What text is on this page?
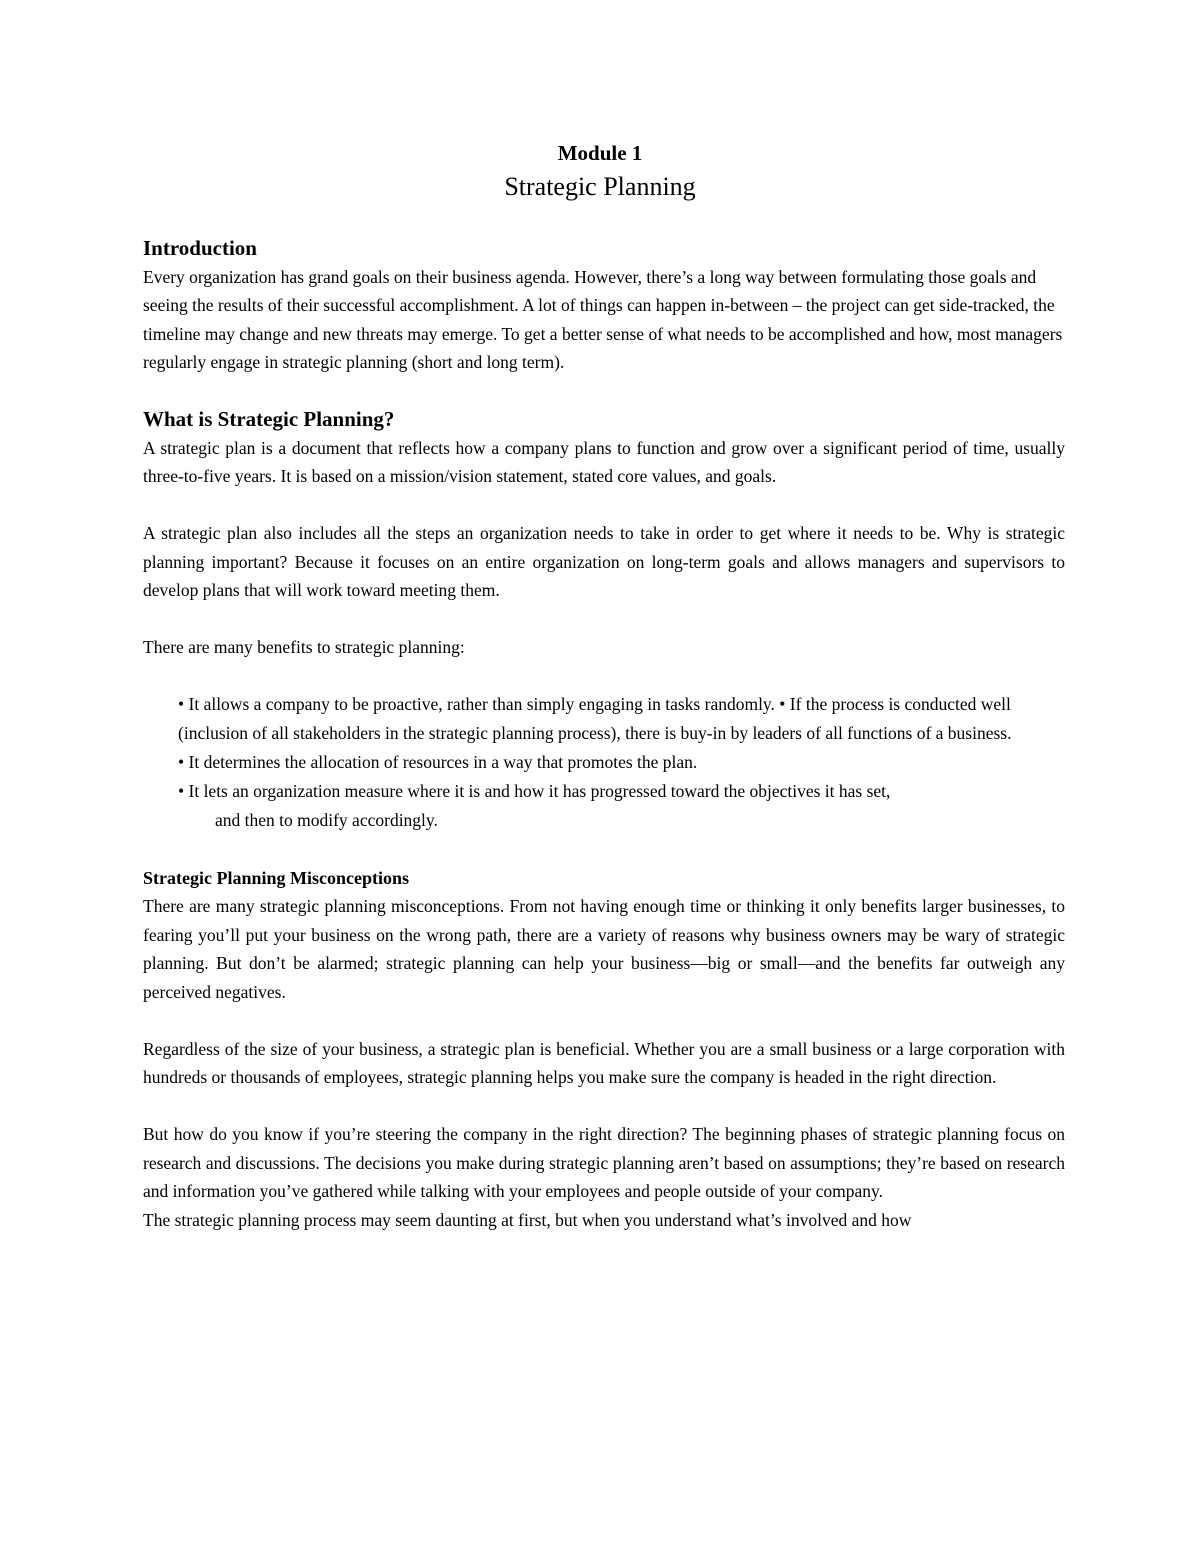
Module 1
Strategic Planning
Introduction

Every organization has grand goals on their business agenda. However, there’s a long way between formulating those goals and seeing the results of their successful accomplishment. A lot of things can happen in-between – the project can get side-tracked, the timeline may change and new threats may emerge. To get a better sense of what needs to be accomplished and how, most managers regularly engage in strategic planning (short and long term).

What is Strategic Planning?

A strategic plan is a document that reflects how a company plans to function and grow over a significant period of time, usually three-to-five years. It is based on a mission/vision statement, stated core values, and goals.

A strategic plan also includes all the steps an organization needs to take in order to get where it needs to be. Why is strategic planning important? Because it focuses on an entire organization on long-term goals and allows managers and supervisors to develop plans that will work toward meeting them.

There are many benefits to strategic planning:

• It allows a company to be proactive, rather than simply engaging in tasks randomly. • If the process is conducted well (inclusion of all stakeholders in the strategic planning process), there is buy-in by leaders of all functions of a business.
• It determines the allocation of resources in a way that promotes the plan.
• It lets an organization measure where it is and how it has progressed toward the objectives it has set,
and then to modify accordingly.
Strategic Planning Misconceptions

There are many strategic planning misconceptions. From not having enough time or thinking it only benefits larger businesses, to fearing you’ll put your business on the wrong path, there are a variety of reasons why business owners may be wary of strategic planning. But don’t be alarmed; strategic planning can help your business—big or small—and the benefits far outweigh any perceived negatives.

Regardless of the size of your business, a strategic plan is beneficial. Whether you are a small business or a large corporation with hundreds or thousands of employees, strategic planning helps you make sure the company is headed in the right direction.

But how do you know if you’re steering the company in the right direction? The beginning phases of strategic planning focus on research and discussions. The decisions you make during strategic planning aren’t based on assumptions; they’re based on research and information you’ve gathered while talking with your employees and people outside of your company.

The strategic planning process may seem daunting at first, but when you understand what’s involved and how
